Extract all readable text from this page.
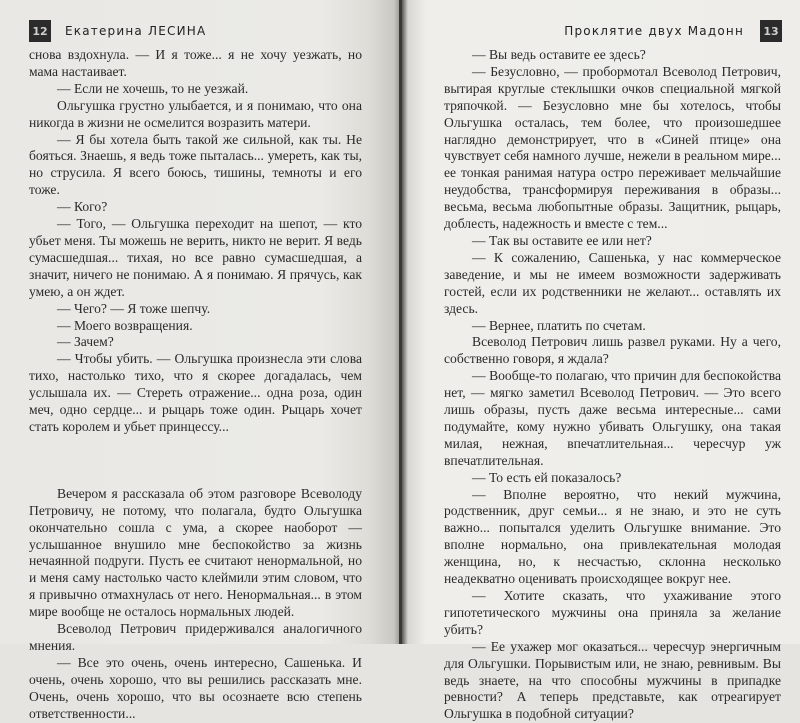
12 Екатерина ЛЕСИНА

снова вздохнула. — И я тоже... я не хочу уезжать, но мама настаивает.

— Если не хочешь, то не уезжай.

Ольгушка грустно улыбается, и я понимаю, что она никогда в жизни не осмелится возразить матери.

— Я бы хотела быть такой же сильной, как ты. Не бояться. Знаешь, я ведь тоже пыталась... умереть, как ты, но струсила. Я всего боюсь, тишины, темноты и его тоже.

— Кого?

— Того, — Ольгушка переходит на шепот, — кто убьет меня. Ты можешь не верить, никто не верит. Я ведь сумасшедшая... тихая, но все равно сумасшедшая, а значит, ничего не понимаю. А я понимаю. Я прячусь, как умею, а он ждет.

— Чего? — Я тоже шепчу.

— Моего возвращения.

— Зачем?

— Чтобы убить. — Ольгушка произнесла эти слова тихо, настолько тихо, что я скорее догадалась, чем услышала их. — Стереть отражение... одна роза, один меч, одно сердце... и рыцарь тоже один. Рыцарь хочет стать королем и убьет принцессу...

Вечером я рассказала об этом разговоре Всеволоду Петровичу, не потому, что полагала, будто Ольгушка окончательно сошла с ума, а скорее наоборот — услышанное внушило мне беспокойство за жизнь нечаянной подруги. Пусть ее считают ненормальной, но и меня саму настолько часто клеймили этим словом, что я привычно отмахнулась от него. Ненормальная... в этом мире вообще не осталось нормальных людей.

Всеволод Петрович придерживался аналогичного мнения.

— Все это очень, очень интересно, Сашенька. И очень, очень хорошо, что вы решились рассказать мне. Очень, очень хорошо, что вы осознаете всю степень ответственности...

Проклятие двух Мадонн	13

— Вы ведь оставите ее здесь?

— Безусловно, — пробормотал Всеволод Петрович, вытирая круглые стеклышки очков специальной мягкой тряпочкой. — Безусловно мне бы хотелось, чтобы Ольгушка осталась, тем более, что произошедшее наглядно демонстрирует, что в «Синей птице» она чувствует себя намного лучше, нежели в реальном мире... ее тонкая ранимая натура остро переживает мельчайшие неудобства, трансформируя переживания в образы... весьма, весьма любопытные образы. Защитник, рыцарь, доблесть, надежность и вместе с тем...

— Так вы оставите ее или нет?

— К сожалению, Сашенька, у нас коммерческое заведение, и мы не имеем возможности задерживать гостей, если их родственники не желают... оставлять их здесь.

— Вернее, платить по счетам.

Всеволод Петрович лишь развел руками. Ну а чего, собственно говоря, я ждала?

— Вообще-то полагаю, что причин для беспокойства нет, — мягко заметил Всеволод Петрович. — Это всего лишь образы, пусть даже весьма интересные... сами подумайте, кому нужно убивать Ольгушку, она такая милая, нежная, впечатлительная... чересчур уж впечатлительная.

— То есть ей показалось?

— Вполне вероятно, что некий мужчина, родственник, друг семьи... я не знаю, и это не суть важно... попытался уделить Ольгушке внимание. Это вполне нормально, она привлекательная молодая женщина, но, к несчастью, склонна несколько неадекватно оценивать происходящее вокруг нее.

— Хотите сказать, что ухаживание этого гипотетического мужчины она приняла за желание убить?

— Ее ухажер мог оказаться... чересчур энергичным для Ольгушки. Порывистым или, не знаю, ревнивым. Вы ведь знаете, на что способны мужчины в припадке ревности? А теперь представьте, как отреагирует Ольгушка в подобной ситуации?
